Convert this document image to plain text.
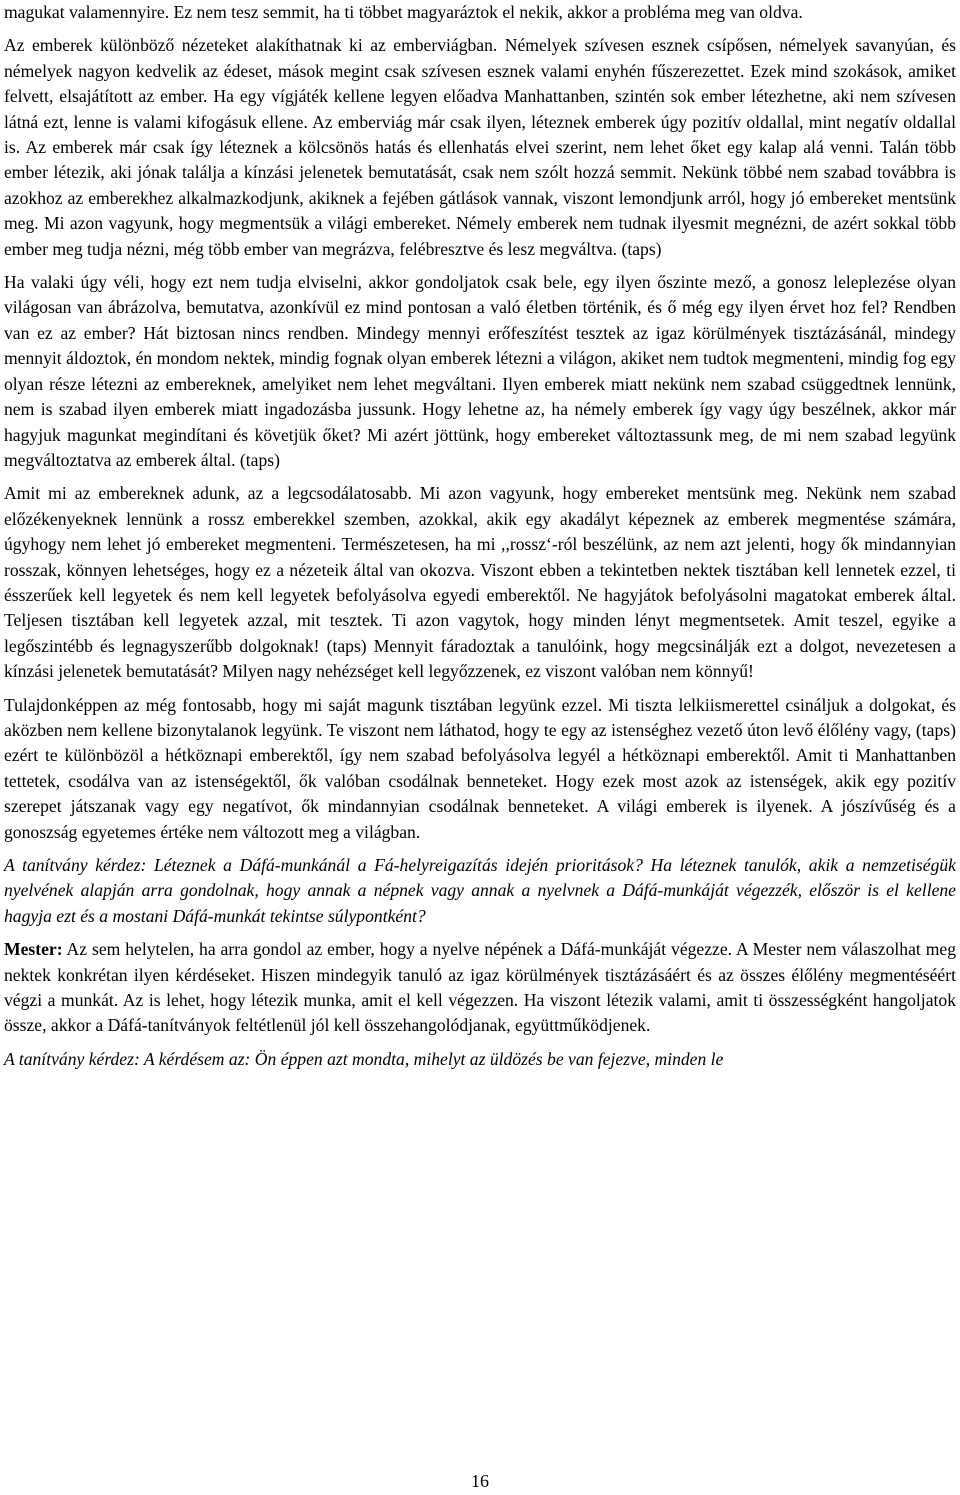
magukat valamennyire. Ez nem tesz semmit, ha ti többet magyaráztok el nekik, akkor a probléma meg van oldva.

Az emberek különböző nézeteket alakíthatnak ki az emberviágban. Némelyek szívesen esznek csípősen, némelyek savanyúan, és némelyek nagyon kedvelik az édeset, mások megint csak szívesen esznek valami enyhén fűszerezettet. Ezek mind szokások, amiket felvett, elsajátított az ember. Ha egy vígjáték kellene legyen előadva Manhattanben, szintén sok ember létezhetne, aki nem szívesen látná ezt, lenne is valami kifogásuk ellene. Az emberviág már csak ilyen, léteznek emberek úgy pozitív oldallal, mint negatív oldallal is. Az emberek már csak így léteznek a kölcsönös hatás és ellenhatás elvei szerint, nem lehet őket egy kalap alá venni. Talán több ember létezik, aki jónak találja a kínzási jelenetek bemutatását, csak nem szólt hozzá semmit. Nekünk többé nem szabad továbbra is azokhoz az emberekhez alkalmazkodjunk, akiknek a fejében gátlások vannak, viszont lemondjunk arról, hogy jó embereket mentsünk meg. Mi azon vagyunk, hogy megmentsük a világi embereket. Némely emberek nem tudnak ilyesmit megnézni, de azért sokkal több ember meg tudja nézni, még több ember van megrázva, felébresztve és lesz megváltva. (taps)

Ha valaki úgy véli, hogy ezt nem tudja elviselni, akkor gondoljatok csak bele, egy ilyen őszinte mező, a gonosz leleplezése olyan világosan van ábrázolva, bemutatva, azonkívül ez mind pontosan a való életben történik, és ő még egy ilyen érvet hoz fel? Rendben van ez az ember? Hát biztosan nincs rendben. Mindegy mennyi erőfeszítést tesztek az igaz körülmények tisztázásánál, mindegy mennyit áldoztok, én mondom nektek, mindig fognak olyan emberek létezni a világon, akiket nem tudtok megmenteni, mindig fog egy olyan része létezni az embereknek, amelyiket nem lehet megváltani. Ilyen emberek miatt nekünk nem szabad csüggedtnek lennünk, nem is szabad ilyen emberek miatt ingadozásba jussunk. Hogy lehetne az, ha némely emberek így vagy úgy beszélnek, akkor már hagyjuk magunkat megindítani és követjük őket? Mi azért jöttünk, hogy embereket változtassunk meg, de mi nem szabad legyünk megváltoztatva az emberek által. (taps)

Amit mi az embereknek adunk, az a legcsodálatosabb. Mi azon vagyunk, hogy embereket mentsünk meg. Nekünk nem szabad előzékenyeknek lennünk a rossz emberekkel szemben, azokkal, akik egy akadályt képeznek az emberek megmentése számára, úgyhogy nem lehet jó embereket megmenteni. Természetesen, ha mi ,,rossz‘-ról beszélünk, az nem azt jelenti, hogy ők mindannyian rosszak, könnyen lehetséges, hogy ez a nézeteik által van okozva. Viszont ebben a tekintetben nektek tisztában kell lennetek ezzel, ti ésszerűek kell legyetek és nem kell legyetek befolyásolva egyedi emberektől. Ne hagyjátok befolyásolni magatokat emberek által. Teljesen tisztában kell legyetek azzal, mit tesztek. Ti azon vagytok, hogy minden lényt megmentsetek. Amit teszel, egyike a legőszintébb és legnagyszerűbb dolgoknak! (taps) Mennyit fáradoztak a tanulóink, hogy megcsinálják ezt a dolgot, nevezetesen a kínzási jelenetek bemutatását? Milyen nagy nehézséget kell legyőzzenek, ez viszont valóban nem könnyű!

Tulajdonképpen az még fontosabb, hogy mi saját magunk tisztában legyünk ezzel. Mi tiszta lelkiismerettel csináljuk a dolgokat, és aközben nem kellene bizonytalanok legyünk. Te viszont nem láthatod, hogy te egy az istenséghez vezető úton levő élőlény vagy, (taps) ezért te különbözöl a hétköznapi emberektől, így nem szabad befolyásolva legyél a hétköznapi emberektől. Amit ti Manhattanben tettetek, csodálva van az istenségektől, ők valóban csodálnak benneteket. Hogy ezek most azok az istenségek, akik egy pozitív szerepet játszanak vagy egy negatívot, ők mindannyian csodálnak benneteket. A világi emberek is ilyenek. A jószívűség és a gonoszság egyetemes értéke nem változott meg a világban.

A tanítvány kérdez: Léteznek a Dáfá-munkánál a Fá-helyreigazítás idején prioritások? Ha léteznek tanulók, akik a nemzetiségük nyelvének alapján arra gondolnak, hogy annak a népnek vagy annak a nyelvnek a Dáfá-munkáját végezzék, először is el kellene hagyja ezt és a mostani Dáfá-munkát tekintse súlypontként?

Mester: Az sem helytelen, ha arra gondol az ember, hogy a nyelve népének a Dáfá-munkáját végezze. A Mester nem válaszolhat meg nektek konkrétan ilyen kérdéseket. Hiszen mindegyik tanuló az igaz körülmények tisztázásáért és az összes élőlény megmentéséért végzi a munkát. Az is lehet, hogy létezik munka, amit el kell végezzen. Ha viszont létezik valami, amit ti összességként hangoljatok össze, akkor a Dáfá-tanítványok feltétlenül jól kell összehangolódjanak, együttműködjenek.

A tanítvány kérdez: A kérdésem az: Ön éppen azt mondta, mihelyt az üldözés be van fejezve, minden le

16
